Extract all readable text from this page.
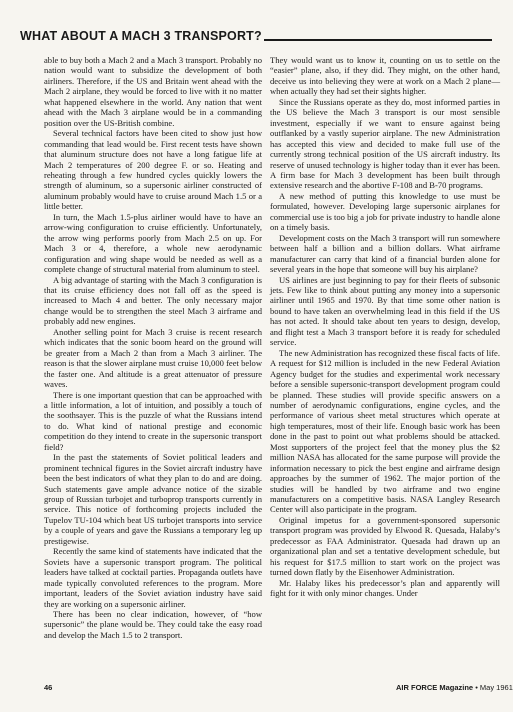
WHAT ABOUT A MACH 3 TRANSPORT?

able to buy both a Mach 2 and a Mach 3 transport. Probably no nation would want to subsidize the development of both airliners. Therefore, if the US and Britain went ahead with the Mach 2 airplane, they would be forced to live with it no matter what happened elsewhere in the world. Any nation that went ahead with the Mach 3 airplane would be in a commanding position over the US-British combine.

Several technical factors have been cited to show just how commanding that lead would be. First recent tests have shown that aluminum structure does not have a long fatigue life at Mach 2 temperatures of 200 degree F. or so. Heating and reheating through a few hundred cycles quickly lowers the strength of aluminum, so a supersonic airliner constructed of aluminum probably would have to cruise around Mach 1.5 or a little better.

In turn, the Mach 1.5-plus airliner would have to have an arrow-wing configuration to cruise efficiently. Unfortunately, the arrow wing performs poorly from Mach 2.5 on up. For Mach 3 or 4, therefore, a whole new aerodynamic configuration and wing shape would be needed as well as a complete change of structural material from aluminum to steel.

A big advantage of starting with the Mach 3 configuration is that its cruise efficiency does not fall off as the speed is increased to Mach 4 and better. The only necessary major change would be to strengthen the steel Mach 3 airframe and probably add new engines.

Another selling point for Mach 3 cruise is recent research which indicates that the sonic boom heard on the ground will be greater from a Mach 2 than from a Mach 3 airliner. The reason is that the slower airplane must cruise 10,000 feet below the faster one. And altitude is a great attenuator of pressure waves.

There is one important question that can be approached with a little information, a lot of intuition, and possibly a touch of the soothsayer. This is the puzzle of what the Russians intend to do. What kind of national prestige and economic competition do they intend to create in the supersonic transport field?

In the past the statements of Soviet political leaders and prominent technical figures in the Soviet aircraft industry have been the best indicators of what they plan to do and are doing. Such statements gave ample advance notice of the sizable group of Russian turbojet and turboprop transports currently in service. This notice of forthcoming projects included the Tupelov TU-104 which beat US turbojet transports into service by a couple of years and gave the Russians a temporary leg up prestigewise.

Recently the same kind of statements have indicated that the Soviets have a supersonic transport program. The political leaders have talked at cocktail parties. Propaganda outlets have made typically convoluted references to the program. More important, leaders of the Soviet aviation industry have said they are working on a supersonic airliner.

There has been no clear indication, however, of “how supersonic” the plane would be. They could take the easy road and develop the Mach 1.5 to 2 transport.

They would want us to know it, counting on us to settle on the “easier” plane, also, if they did. They might, on the other hand, deceive us into believing they were at work on a Mach 2 plane—when actually they had set their sights higher.

Since the Russians operate as they do, most informed parties in the US believe the Mach 3 transport is our most sensible investment, especially if we want to ensure against being outflanked by a vastly superior airplane. The new Administration has accepted this view and decided to make full use of the currently strong technical position of the US aircraft industry. Its reserve of unused technology is higher today than it ever has been. A firm base for Mach 3 development has been built through extensive research and the abortive F-108 and B-70 programs.

A new method of putting this knowledge to use must be formulated, however. Developing large supersonic airplanes for commercial use is too big a job for private industry to handle alone on a timely basis.

Development costs on the Mach 3 transport will run somewhere between half a billion and a billion dollars. What airframe manufacturer can carry that kind of a financial burden alone for several years in the hope that someone will buy his airplane?

US airlines are just beginning to pay for their fleets of subsonic jets. Few like to think about putting any money into a supersonic airliner until 1965 and 1970. By that time some other nation is bound to have taken an overwhelming lead in this field if the US has not acted. It should take about ten years to design, develop, and flight test a Mach 3 transport before it is ready for scheduled service.

The new Administration has recognized these fiscal facts of life. A request for $12 million is included in the new Federal Aviation Agency budget for the studies and experimental work necessary before a sensible supersonic-transport development program could be planned. These studies will provide specific answers on a number of aerodynamic configurations, engine cycles, and the performance of various sheet metal structures which operate at high temperatures, most of their life. Enough basic work has been done in the past to point out what problems should be attacked. Most supporters of the project feel that the money plus the $2 million NASA has allocated for the same purpose will provide the information necessary to pick the best engine and airframe design approaches by the summer of 1962. The major portion of the studies will be handled by two airframe and two engine manufacturers on a competitive basis. NASA Langley Research Center will also participate in the program.

Original impetus for a government-sponsored supersonic transport program was provided by Elwood R. Quesada, Halaby’s predecessor as FAA Administrator. Quesada had drawn up an organizational plan and set a tentative development schedule, but his request for $17.5 million to start work on the project was turned down flatly by the Eisenhower Administration.

Mr. Halaby likes his predecessor’s plan and apparently will fight for it with only minor changes. Under

46	AIR FORCE Magazine • May 1961
